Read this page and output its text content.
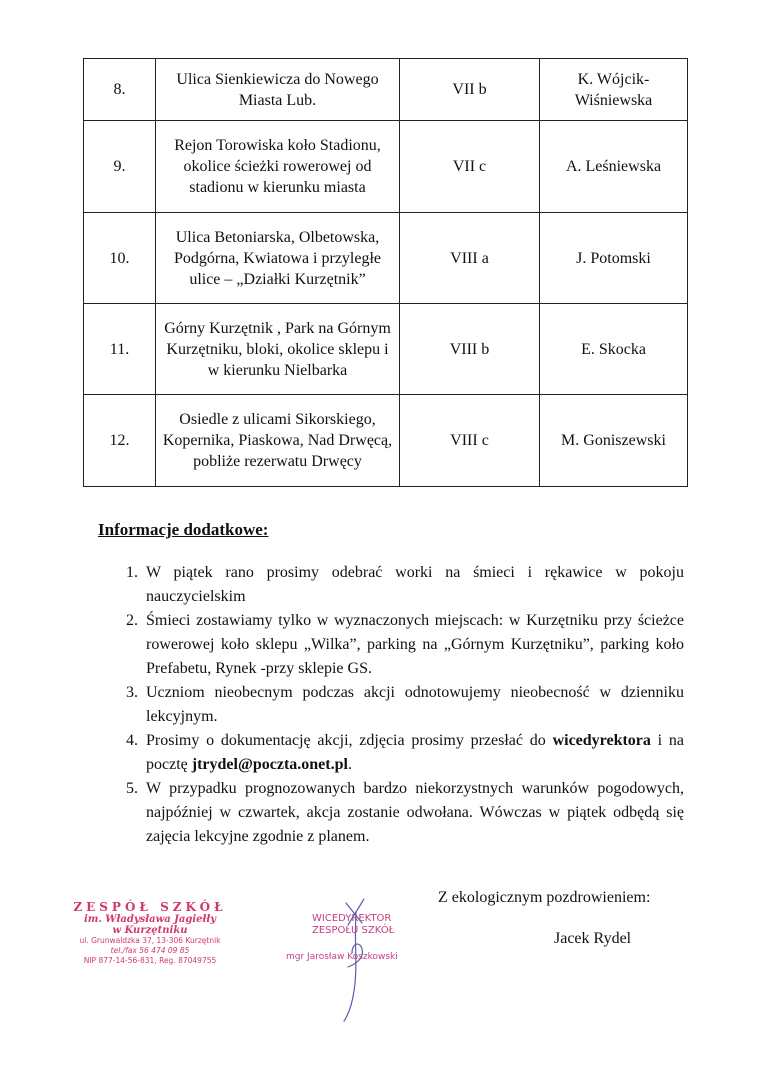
8.	Ulica Sienkiewicza do Nowego Miasta Lub.	VII b	K. Wójcik-Wiśniewska
9.	Rejon Torowiska koło Stadionu, okolice ścieżki rowerowej od stadionu w kierunku miasta	VII c	A. Leśniewska
10.	Ulica Betoniarska, Olbetowska, Podgórna, Kwiatowa i przyległe ulice – „Działki Kurzętnik”	VIII a	J. Potomski
11.	Górny Kurzętnik , Park na Górnym Kurzętniku, bloki, okolice sklepu i w kierunku Nielbarka	VIII b	E. Skocka
12.	Osiedle z ulicami Sikorskiego, Kopernika, Piaskowa, Nad Drwęcą, pobliże rezerwatu Drwęcy	VIII c	M. Goniszewski
Informacje dodatkowe:
1. W piątek rano prosimy odebrać worki na śmieci i rękawice w pokoju nauczycielskim
2. Śmieci zostawiamy tylko w wyznaczonych miejscach: w Kurzętniku przy ścieżce rowerowej koło sklepu „Wilka”, parking na „Górnym Kurzętniku”, parking koło Prefabetu, Rynek -przy sklepie GS.
3. Uczniom nieobecnym podczas akcji odnotowujemy nieobecność w dzienniku lekcyjnym.
4. Prosimy o dokumentację akcji, zdjęcia prosimy przesłać do wicedyrektora i na pocztę jtrydel@poczta.onet.pl.
5. W przypadku prognozowanych bardzo niekorzystnych warunków pogodowych, najpóźniej w czwartek, akcja zostanie odwołana. Wówczas w piątek odbędą się zajęcia lekcyjne zgodnie z planem.
Z ekologicznym pozdrowieniem:
Jacek Rydel
ZESPÓŁ SZKÓŁ
im. Władysława Jagiełły
w Kurzętniku
ul. Grunwaldzka 37, 13-306 Kurzętnik
tel./fax 56 474 09 85
NIP 877-14-56-831, Reg. 87049755
WICEDYREKTOR
ZESPOŁU SZKÓŁ
mgr Jarosław Koszkowski
